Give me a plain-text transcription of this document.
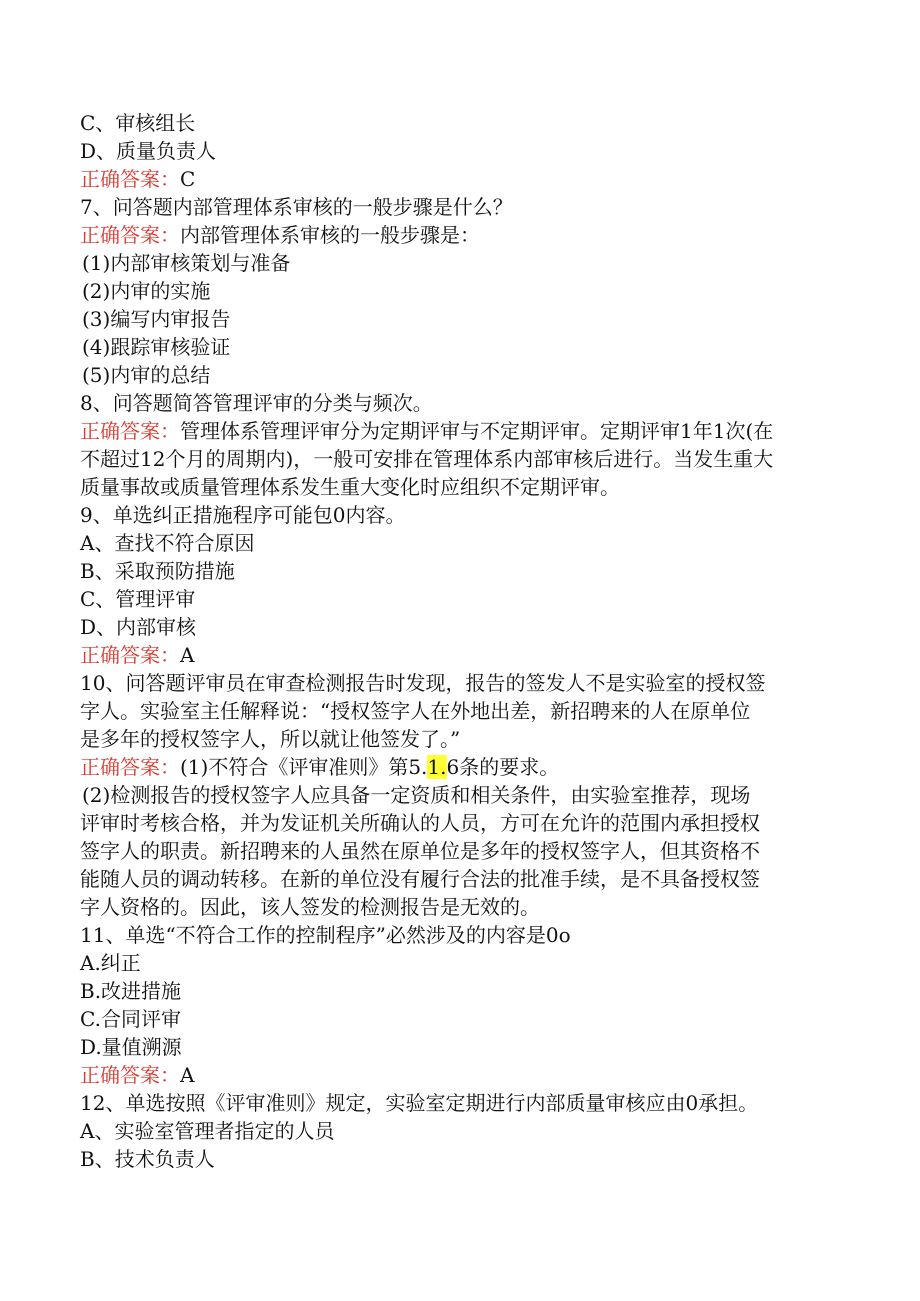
C、审核组长
D、质量负责人
正确答案：C
7、问答题内部管理体系审核的一般步骤是什么？
正确答案：内部管理体系审核的一般步骤是：
(1)内部审核策划与准备
(2)内审的实施
(3)编写内审报告
(4)跟踪审核验证
(5)内审的总结
8、问答题简答管理评审的分类与频次。
正确答案：管理体系管理评审分为定期评审与不定期评审。定期评审1年1次(在
不超过12个月的周期内)，一般可安排在管理体系内部审核后进行。当发生重大
质量事故或质量管理体系发生重大变化时应组织不定期评审。
9、单选纠正措施程序可能包0内容。
A、查找不符合原因
B、采取预防措施
C、管理评审
D、内部审核
正确答案：A
10、问答题评审员在审查检测报告时发现，报告的签发人不是实验室的授权签
字人。实验室主任解释说：“授权签字人在外地出差，新招聘来的人在原单位
是多年的授权签字人，所以就让他签发了。”
正确答案：(1)不符合《评审准则》第5.1.6条的要求。
(2)检测报告的授权签字人应具备一定资质和相关条件，由实验室推荐，现场
评审时考核合格，并为发证机关所确认的人员，方可在允许的范围内承担授权
签字人的职责。新招聘来的人虽然在原单位是多年的授权签字人，但其资格不
能随人员的调动转移。在新的单位没有履行合法的批准手续，是不具备授权签
字人资格的。因此，该人签发的检测报告是无效的。
11、单选“不符合工作的控制程序”必然涉及的内容是0o
A.纠正
B.改进措施
C.合同评审
D.量值溯源
正确答案：A
12、单选按照《评审准则》规定，实验室定期进行内部质量审核应由0承担。
A、实验室管理者指定的人员
B、技术负责人
